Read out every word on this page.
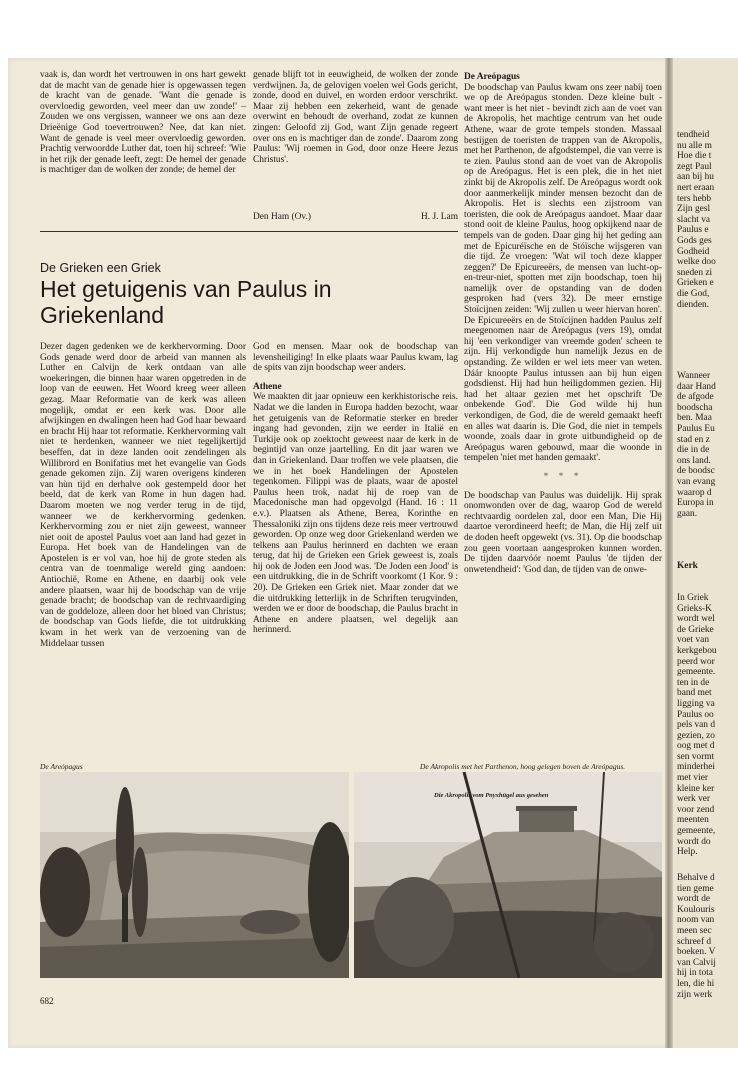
vaak is, dan wordt het vertrouwen in ons hart gewekt dat de macht van de genade hier is opgewassen tegen de kracht van de genade. 'Want die genade is overvloedig geworden, veel meer dan uw zonde!' – Zouden we ons vergissen, wanneer we ons aan deze Drieënige God toevertrouwen? Nee, dat kan niet. Want de genade is veel meer overvloedig geworden. Prachtig verwoordde Luther dat, toen hij schreef: 'Wie in het rijk der genade leeft, zegt: De hemel der genade is machtiger dan de wolken der zonde; de hemel der

genade blijft tot in eeuwigheid, de wolken der zonde verdwijnen. Ja, de gelovigen voelen wel Gods gericht, zonde, dood en duivel, en worden erdoor verschrikt. Maar zij hebben een zekerheid, want de genade overwint en behoudt de overhand, zodat ze kunnen zingen: Geloofd zij God, want Zijn genade regeert over ons en is machtiger dan de zonde'. Daarom zong Paulus: 'Wij roemen in God, door onze Heere Jezus Christus'.

Den Ham (Ov.)	H. J. Lam
De Grieken een Griek
Het getuigenis van Paulus in Griekenland

Dezer dagen gedenken we de kerkhervorming. Door Gods genade werd door de arbeid van mannen als Luther en Calvijn de kerk ontdaan van alle woekeringen, die binnen haar waren opgetreden in de loop van de eeuwen. Het Woord kreeg weer alleen gezag. Maar Reformatie van de kerk was alleen mogelijk, omdat er een kerk was. Door alle afwijkingen en dwalingen heen had God haar bewaard en bracht Hij haar tot reformatie. Kerkhervorming valt niet te herdenken, wanneer we niet tegelijkertijd beseffen, dat in deze landen ooit zendelingen als Willibrord en Bonifatius met het evangelie van Gods genade gekomen zijn. Zij waren overigens kinderen van hùn tijd en derhalve ook gestempeld door het beeld, dat de kerk van Rome in hun dagen had. Daarom moeten we nog verder terug in de tijd, wanneer we de kerkhervorming gedenken. Kerkhervorming zou er niet zijn geweest, wanneer niet ooit de apostel Paulus voet aan land had gezet in Europa. Het boek van de Handelingen van de Apostelen is er vol van, hoe hij de grote steden als centra van de toenmalige wereld ging aandoen: Antiochië, Rome en Athene, en daarbij ook vele andere plaatsen, waar hij de boodschap van de vrije genade bracht; de boodschap van de rechtvaardiging van de goddeloze, alleen door het bloed van Christus; de boodschap van Gods liefde, die tot uitdrukking kwam in het werk van de verzoening van de Middelaar tussen

God en mensen. Maar ook de boodschap van levensheiliging! In elke plaats waar Paulus kwam, lag de spits van zijn boodschap weer anders.

Athene

We maakten dit jaar opnieuw een kerkhistorische reis. Nadat we die landen in Europa hadden bezocht, waar het getuigenis van de Reformatie sterker en breder ingang had gevonden, zijn we eerder in Italië en Turkije ook op zoektocht geweest naar de kerk in de begintijd van onze jaartelling. En dit jaar waren we dan in Griekenland. Daar troffen we vele plaatsen, die we in het boek Handelingen der Apostelen tegenkomen. Filippi was de plaats, waar de apostel Paulus heen trok, nadat hij de roep van de Macedonische man had opgevolgd (Hand. 16 : 11 e.v.). Plaatsen als Athene, Berea, Korinthe en Thessaloniki zijn ons tijdens deze reis meer vertrouwd geworden. Op onze weg door Griekenland werden we telkens aan Paulus herinnerd en dachten we eraan terug, dat hij de Grieken een Griek geweest is, zoals hij ook de Joden een Jood was. 'De Joden een Jood' is een uitdrukking, die in de Schrift voorkomt (1 Kor. 9 : 20). De Grieken een Griek niet. Maar zonder dat we die uitdrukking letterlijk in de Schriften terugvinden, werden we er door de boodschap, die Paulus bracht in Athene en andere plaatsen, wel degelijk aan herinnerd.

De Areópagus

De boodschap van Paulus kwam ons zeer nabij toen we op de Areópagus stonden. Deze kleine bult - want meer is het niet - bevindt zich aan de voet van de Akropolis, het machtige centrum van het oude Athene, waar de grote tempels stonden. Massaal bestijgen de toeristen de trappen van de Akropolis, met het Parthenon, de afgodstempel, die van verre is te zien. Paulus stond aan de voet van de Akropolis op de Areópagus. Het is een plek, die in het niet zinkt bij de Akropolis zelf. De Areópagus wordt ook door aanmerkelijk minder mensen bezocht dan de Akropolis. Het is slechts een zijstroom van toeristen, die ook de Areópagus aandoet. Maar daar stond ooit de kleine Paulus, hoog opkijkend naar de tempels van de goden. Daar ging hij het geding aan met de Epicuréïsche en de Stóïsche wijsgeren van die tijd. Ze vroegen: 'Wat wil toch deze klapper zeggen?' De Epicureeërs, de mensen van lucht-op-en-treur-niet, spotten met zijn boodschap, toen hij namelijk over de opstanding van de doden gesproken had (vers 32). De meer ernstige Stoïcijnen zeiden: 'Wij zullen u weer hiervan horen'. De Epicureeërs en de Stoïcijnen hadden Paulus zelf meegenomen naar de Areópagus (vers 19), omdat hij 'een verkondiger van vreemde goden' scheen te zijn. Hij verkondigde hun namelijk Jezus en de opstanding. Ze wilden er wel iets meer van weten. Dáár knoopte Paulus intussen aan bij hun eigen godsdienst. Hij had hun heiligdommen gezien. Hij had het altaar gezien met het opschrift 'De onbekende God'. Die God wilde hij hun verkondigen, de God, die de wereld gemaakt heeft en alles wat daarin is. Die God, die niet in tempels woonde, zoals daar in grote uitbundigheid op de Areópagus waren gebouwd, maar die woonde in tempelen 'niet met handen gemaakt'.

* * *

De boodschap van Paulus was duidelijk. Hij sprak onomwonden over de dag, waarop God de wereld rechtvaardig oordelen zal, door een Man, Die Hij daartoe verordineerd heeft; de Man, die Hij zelf uit de doden heeft opgewekt (vs. 31). Op die boodschap zou geen voortaan aangesproken kunnen worden. De tijden daarvóór noemt Paulus 'de tijden der onwetendheid': 'God dan, de tijden van de onwe-

De Areópagus	De Akropolis met het Parthenon, hoog gelegen boven de Areópagus.
Die Akropolis vom Pnyxhügel aus gesehen
682
tendheid
nu alle m
Hoe die t
zegt Paul
aan bij hu
nert eraan
ters hebb
Zijn gesl
slacht va
Paulus e
Gods ges
Godheid
welke doo
sneden zi
Grieken e
die God,
dienden.
Wanneer
daar Hand
de afgode
boodscha
ben. Maa
Paulus Eu
stad en z
die in de
ons land.
de boodsc
van evang
waarop d
Europa in
gaan.

Kerk

In Griek
Grieks-K
wordt wel
de Grieke
voet van
kerkgebou
peerd wor
gemeente.
ten in de
band met
ligging va
Paulus oo
pels van d
gezien, zo
oog met d
sen vormt
minderhei
met vier
kleine ker
werk ver
voor zend
meenten
gemeente,
wordt do
Help.

Behalve d
tien geme
wordt de
Koulouris
noom van
meen sec
schreef d
boeken. V
van Calvij
hij in tota
len, die hi
zijn werk
